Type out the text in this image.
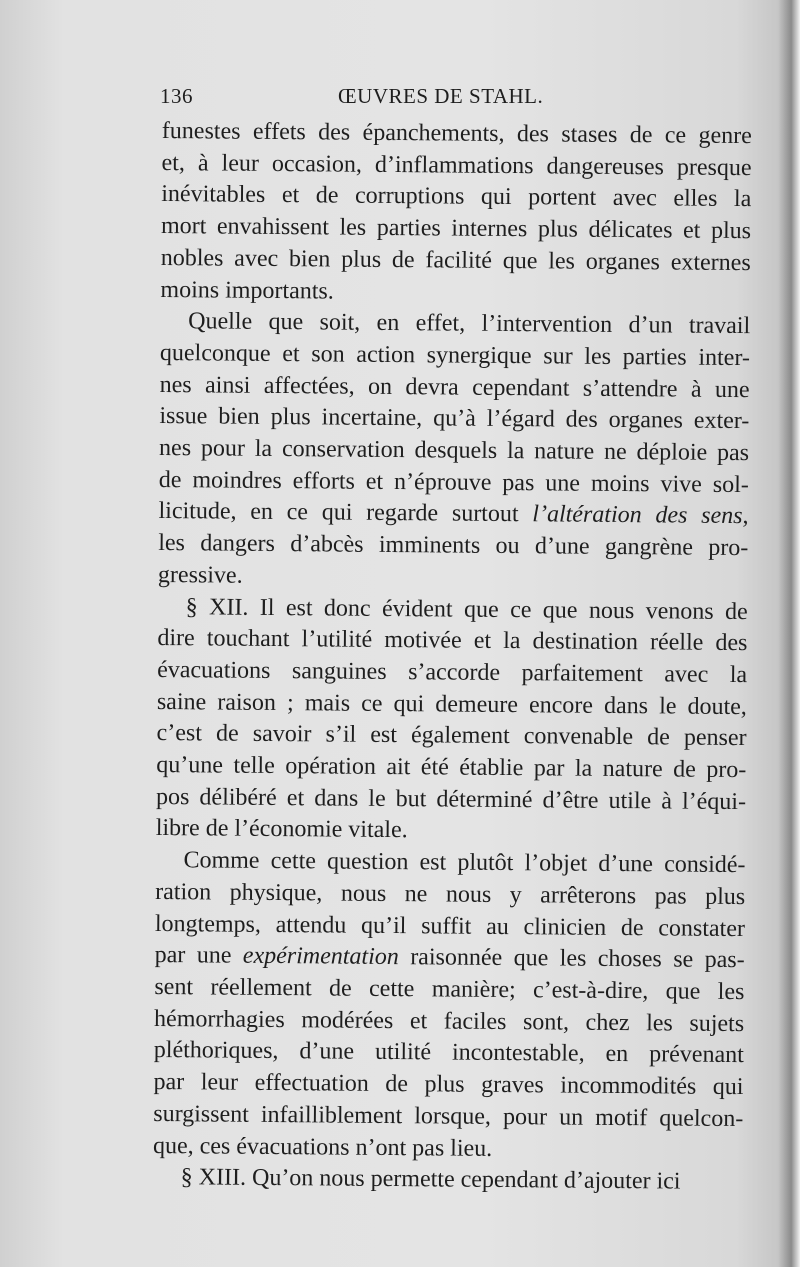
136	ŒUVRES DE STAHL.
funestes effets des épanchements, des stases de ce genre
et, à leur occasion, d’inflammations dangereuses presque
inévitables et de corruptions qui portent avec elles la
mort envahissent les parties internes plus délicates et plus
nobles avec bien plus de facilité que les organes externes
moins importants.
Quelle que soit, en effet, l’intervention d’un travail
quelconque et son action synergique sur les parties inter-
nes ainsi affectées, on devra cependant s’attendre à une
issue bien plus incertaine, qu’à l’égard des organes exter-
nes pour la conservation desquels la nature ne déploie pas
de moindres efforts et n’éprouve pas une moins vive sol-
licitude, en ce qui regarde surtout l’altération des sens,
les dangers d’abcès imminents ou d’une gangrène pro-
gressive.
§ XII. Il est donc évident que ce que nous venons de
dire touchant l’utilité motivée et la destination réelle des
évacuations sanguines s’accorde parfaitement avec la
saine raison ; mais ce qui demeure encore dans le doute,
c’est de savoir s’il est également convenable de penser
qu’une telle opération ait été établie par la nature de pro-
pos délibéré et dans le but déterminé d’être utile à l’équi-
libre de l’économie vitale.
Comme cette question est plutôt l’objet d’une considé-
ration physique, nous ne nous y arrêterons pas plus
longtemps, attendu qu’il suffit au clinicien de constater
par une expérimentation raisonnée que les choses se pas-
sent réellement de cette manière; c’est-à-dire, que les
hémorrhagies modérées et faciles sont, chez les sujets
pléthoriques, d’une utilité incontestable, en prévenant
par leur effectuation de plus graves incommodités qui
surgissent infailliblement lorsque, pour un motif quelcon-
que, ces évacuations n’ont pas lieu.
§ XIII. Qu’on nous permette cependant d’ajouter ici
